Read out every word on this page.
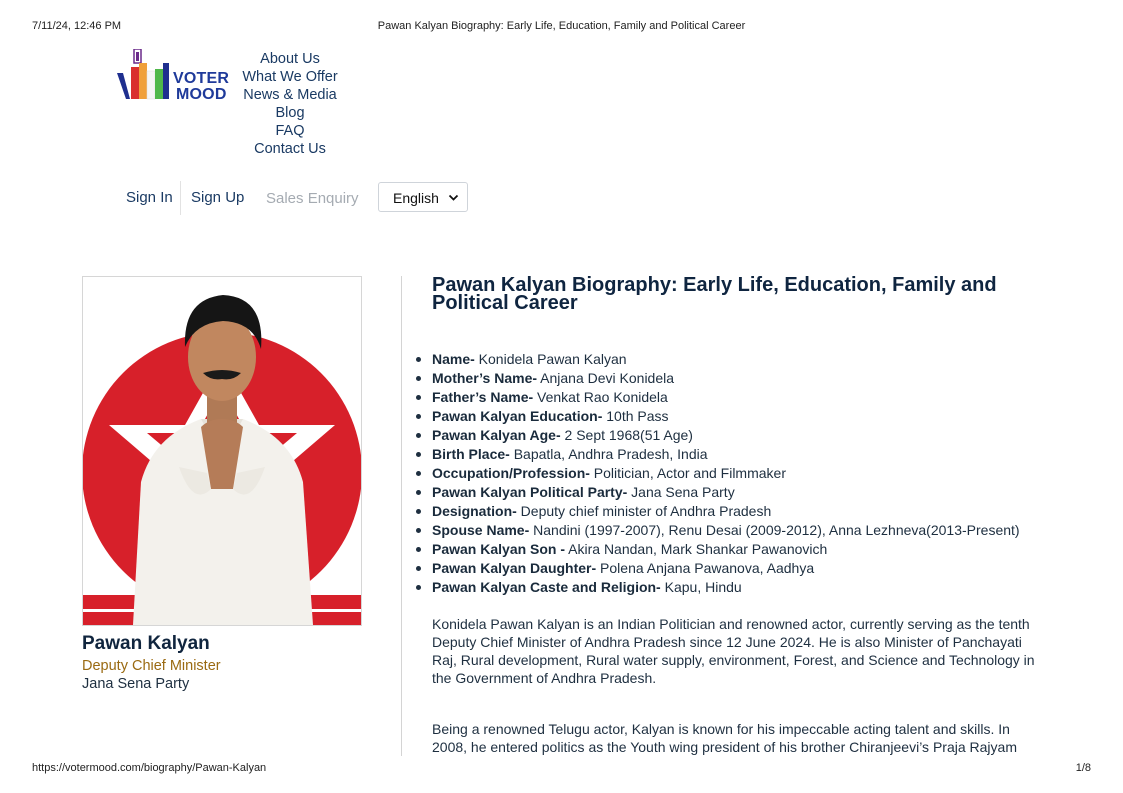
7/11/24, 12:46 PM	Pawan Kalyan Biography: Early Life, Education, Family and Political Career
https://votermood.com/biography/Pawan-Kalyan	1/8
VOTER
MOOD
About Us
What We Offer
News & Media
Blog
FAQ
Contact Us
Sign In Sign Up Sales Enquiry English
Pawan Kalyan
Deputy Chief Minister
Jana Sena Party
Pawan Kalyan Biography: Early Life, Education, Family and Political Career
Name- Konidela Pawan Kalyan
Mother’s Name- Anjana Devi Konidela
Father’s Name- Venkat Rao Konidela
Pawan Kalyan Education- 10th Pass
Pawan Kalyan Age- 2 Sept 1968(51 Age)
Birth Place- Bapatla, Andhra Pradesh, India
Occupation/Profession- Politician, Actor and Filmmaker
Pawan Kalyan Political Party- Jana Sena Party
Designation- Deputy chief minister of Andhra Pradesh
Spouse Name- Nandini (1997-2007), Renu Desai (2009-2012), Anna Lezhneva(2013-Present)
Pawan Kalyan Son - Akira Nandan, Mark Shankar Pawanovich
Pawan Kalyan Daughter- Polena Anjana Pawanova, Aadhya
Pawan Kalyan Caste and Religion- Kapu, Hindu

Konidela Pawan Kalyan is an Indian Politician and renowned actor, currently serving as the tenth Deputy Chief Minister of Andhra Pradesh since 12 June 2024. He is also Minister of Panchayati Raj, Rural development, Rural water supply, environment, Forest, and Science and Technology in the Government of Andhra Pradesh.

Being a renowned Telugu actor, Kalyan is known for his impeccable acting talent and skills. In 2008, he entered politics as the Youth wing president of his brother Chiranjeevi’s Praja Rajyam
